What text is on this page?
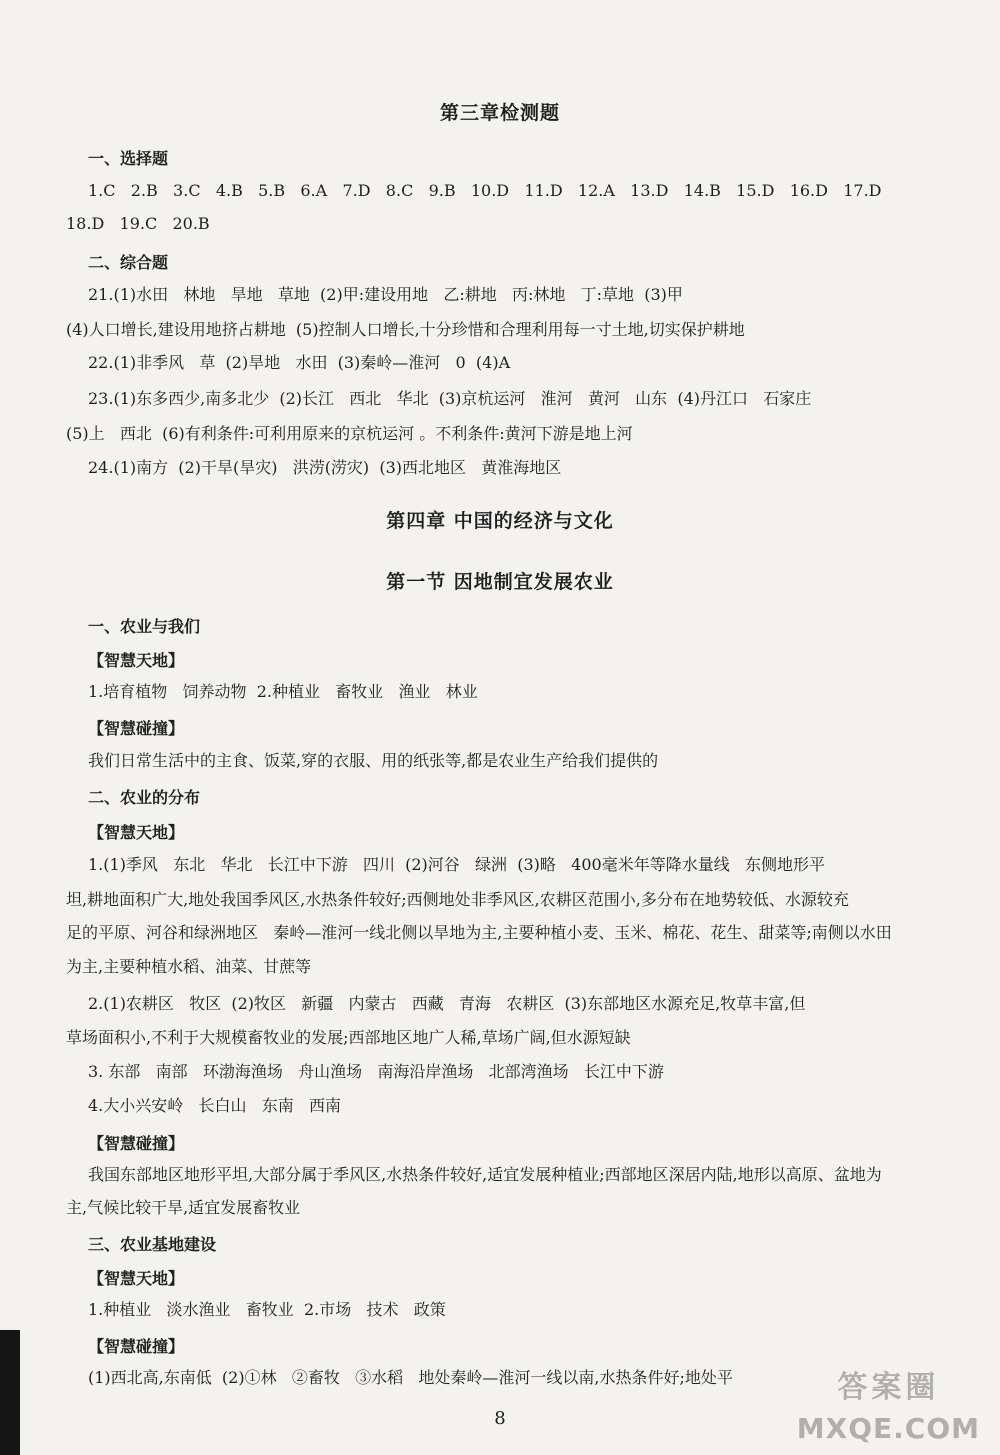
第三章检测题
一、选择题
1.C   2.B   3.C   4.B   5.B   6.A   7.D   8.C   9.B   10.D   11.D   12.A   13.D   14.B   15.D   16.D   17.D
18.D   19.C   20.B
二、综合题
21.(1)水田   林地   旱地   草地  (2)甲:建设用地   乙:耕地   丙:林地   丁:草地  (3)甲
(4)人口增长,建设用地挤占耕地  (5)控制人口增长,十分珍惜和合理利用每一寸土地,切实保护耕地
22.(1)非季风   草  (2)旱地   水田  (3)秦岭—淮河   0  (4)A
23.(1)东多西少,南多北少  (2)长江   西北   华北  (3)京杭运河   淮河   黄河   山东  (4)丹江口   石家庄
(5)上   西北  (6)有利条件:可利用原来的京杭运河 。不利条件:黄河下游是地上河
24.(1)南方  (2)干旱(旱灾)   洪涝(涝灾)  (3)西北地区   黄淮海地区
第四章 中国的经济与文化
第一节 因地制宜发展农业
一、农业与我们
【智慧天地】
1.培育植物   饲养动物  2.种植业   畜牧业   渔业   林业
【智慧碰撞】
我们日常生活中的主食、饭菜,穿的衣服、用的纸张等,都是农业生产给我们提供的
二、农业的分布
【智慧天地】
1.(1)季风   东北   华北   长江中下游   四川  (2)河谷   绿洲  (3)略   400毫米年等降水量线   东侧地形平
坦,耕地面积广大,地处我国季风区,水热条件较好;西侧地处非季风区,农耕区范围小,多分布在地势较低、水源较充
足的平原、河谷和绿洲地区   秦岭—淮河一线北侧以旱地为主,主要种植小麦、玉米、棉花、花生、甜菜等;南侧以水田
为主,主要种植水稻、油菜、甘蔗等
2.(1)农耕区   牧区  (2)牧区   新疆   内蒙古   西藏   青海   农耕区  (3)东部地区水源充足,牧草丰富,但
草场面积小,不利于大规模畜牧业的发展;西部地区地广人稀,草场广阔,但水源短缺
3. 东部   南部   环渤海渔场   舟山渔场   南海沿岸渔场   北部湾渔场   长江中下游
4.大小兴安岭   长白山   东南   西南
【智慧碰撞】
我国东部地区地形平坦,大部分属于季风区,水热条件较好,适宜发展种植业;西部地区深居内陆,地形以高原、盆地为
主,气候比较干旱,适宜发展畜牧业
三、农业基地建设
【智慧天地】
1.种植业   淡水渔业   畜牧业  2.市场   技术   政策
【智慧碰撞】
(1)西北高,东南低  (2)①林   ②畜牧   ③水稻   地处秦岭—淮河一线以南,水热条件好;地处平
8
答案圈
MXQE.COM
